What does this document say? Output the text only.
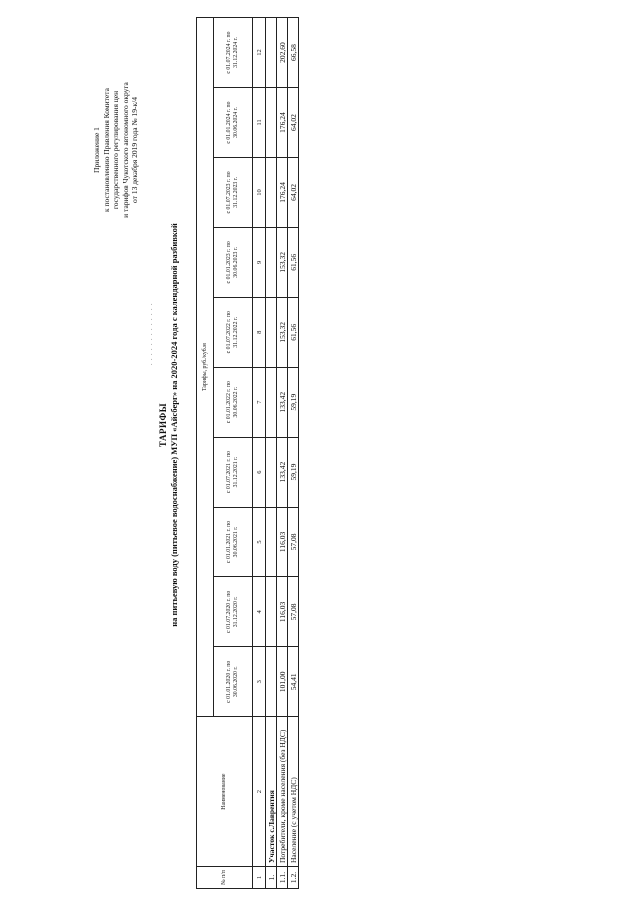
Приложение 1 к постановлению Правления Комитета государственного регулирования цен и тарифов Чукотского автономного округа от 13 декабря 2019 года № 19-к/4
. . . . . . . . . . . . .
ТАРИФЫ на питьевую воду (питьевое водоснабжение) МУП «Айсберг» на 2020-2024 года с календарной разбивкой
№ п/п	Наименование	Тарифы, руб./куб.м									
		с 01.01.2020 г. по 30.06.2020 г.	с 01.07.2020 г. по 31.12.2020 г.	с 01.01.2021 г. по 30.06.2021 г.	с 01.07.2021 г. по 31.12.2021 г.	с 01.01.2022 г. по 30.06.2022 г.	с 01.07.2022 г. по 31.12.2022 г.	с 01.01.2023 г. по 30.06.2023 г.	с 01.07.2023 г. по 31.12.2023 г.	с 01.01.2024 г. по 30.06.2024 г.	с 01.07.2024 г. по 31.12.2024 г.
1	2	3	4	5	6	7	8	9	10	11	12
1.	Участок с.Лаврентия										
1.1.	Потребители, кроме населения (без НДС)	101,00	116,03	116,03	133,42	133,42	153,32	153,32	176,24	176,24	202,60
1.2.	Население (с учетом НДС)	54,41	57,08	57,08	59,19	59,19	61,56	61,56	64,02	64,02	66,58
